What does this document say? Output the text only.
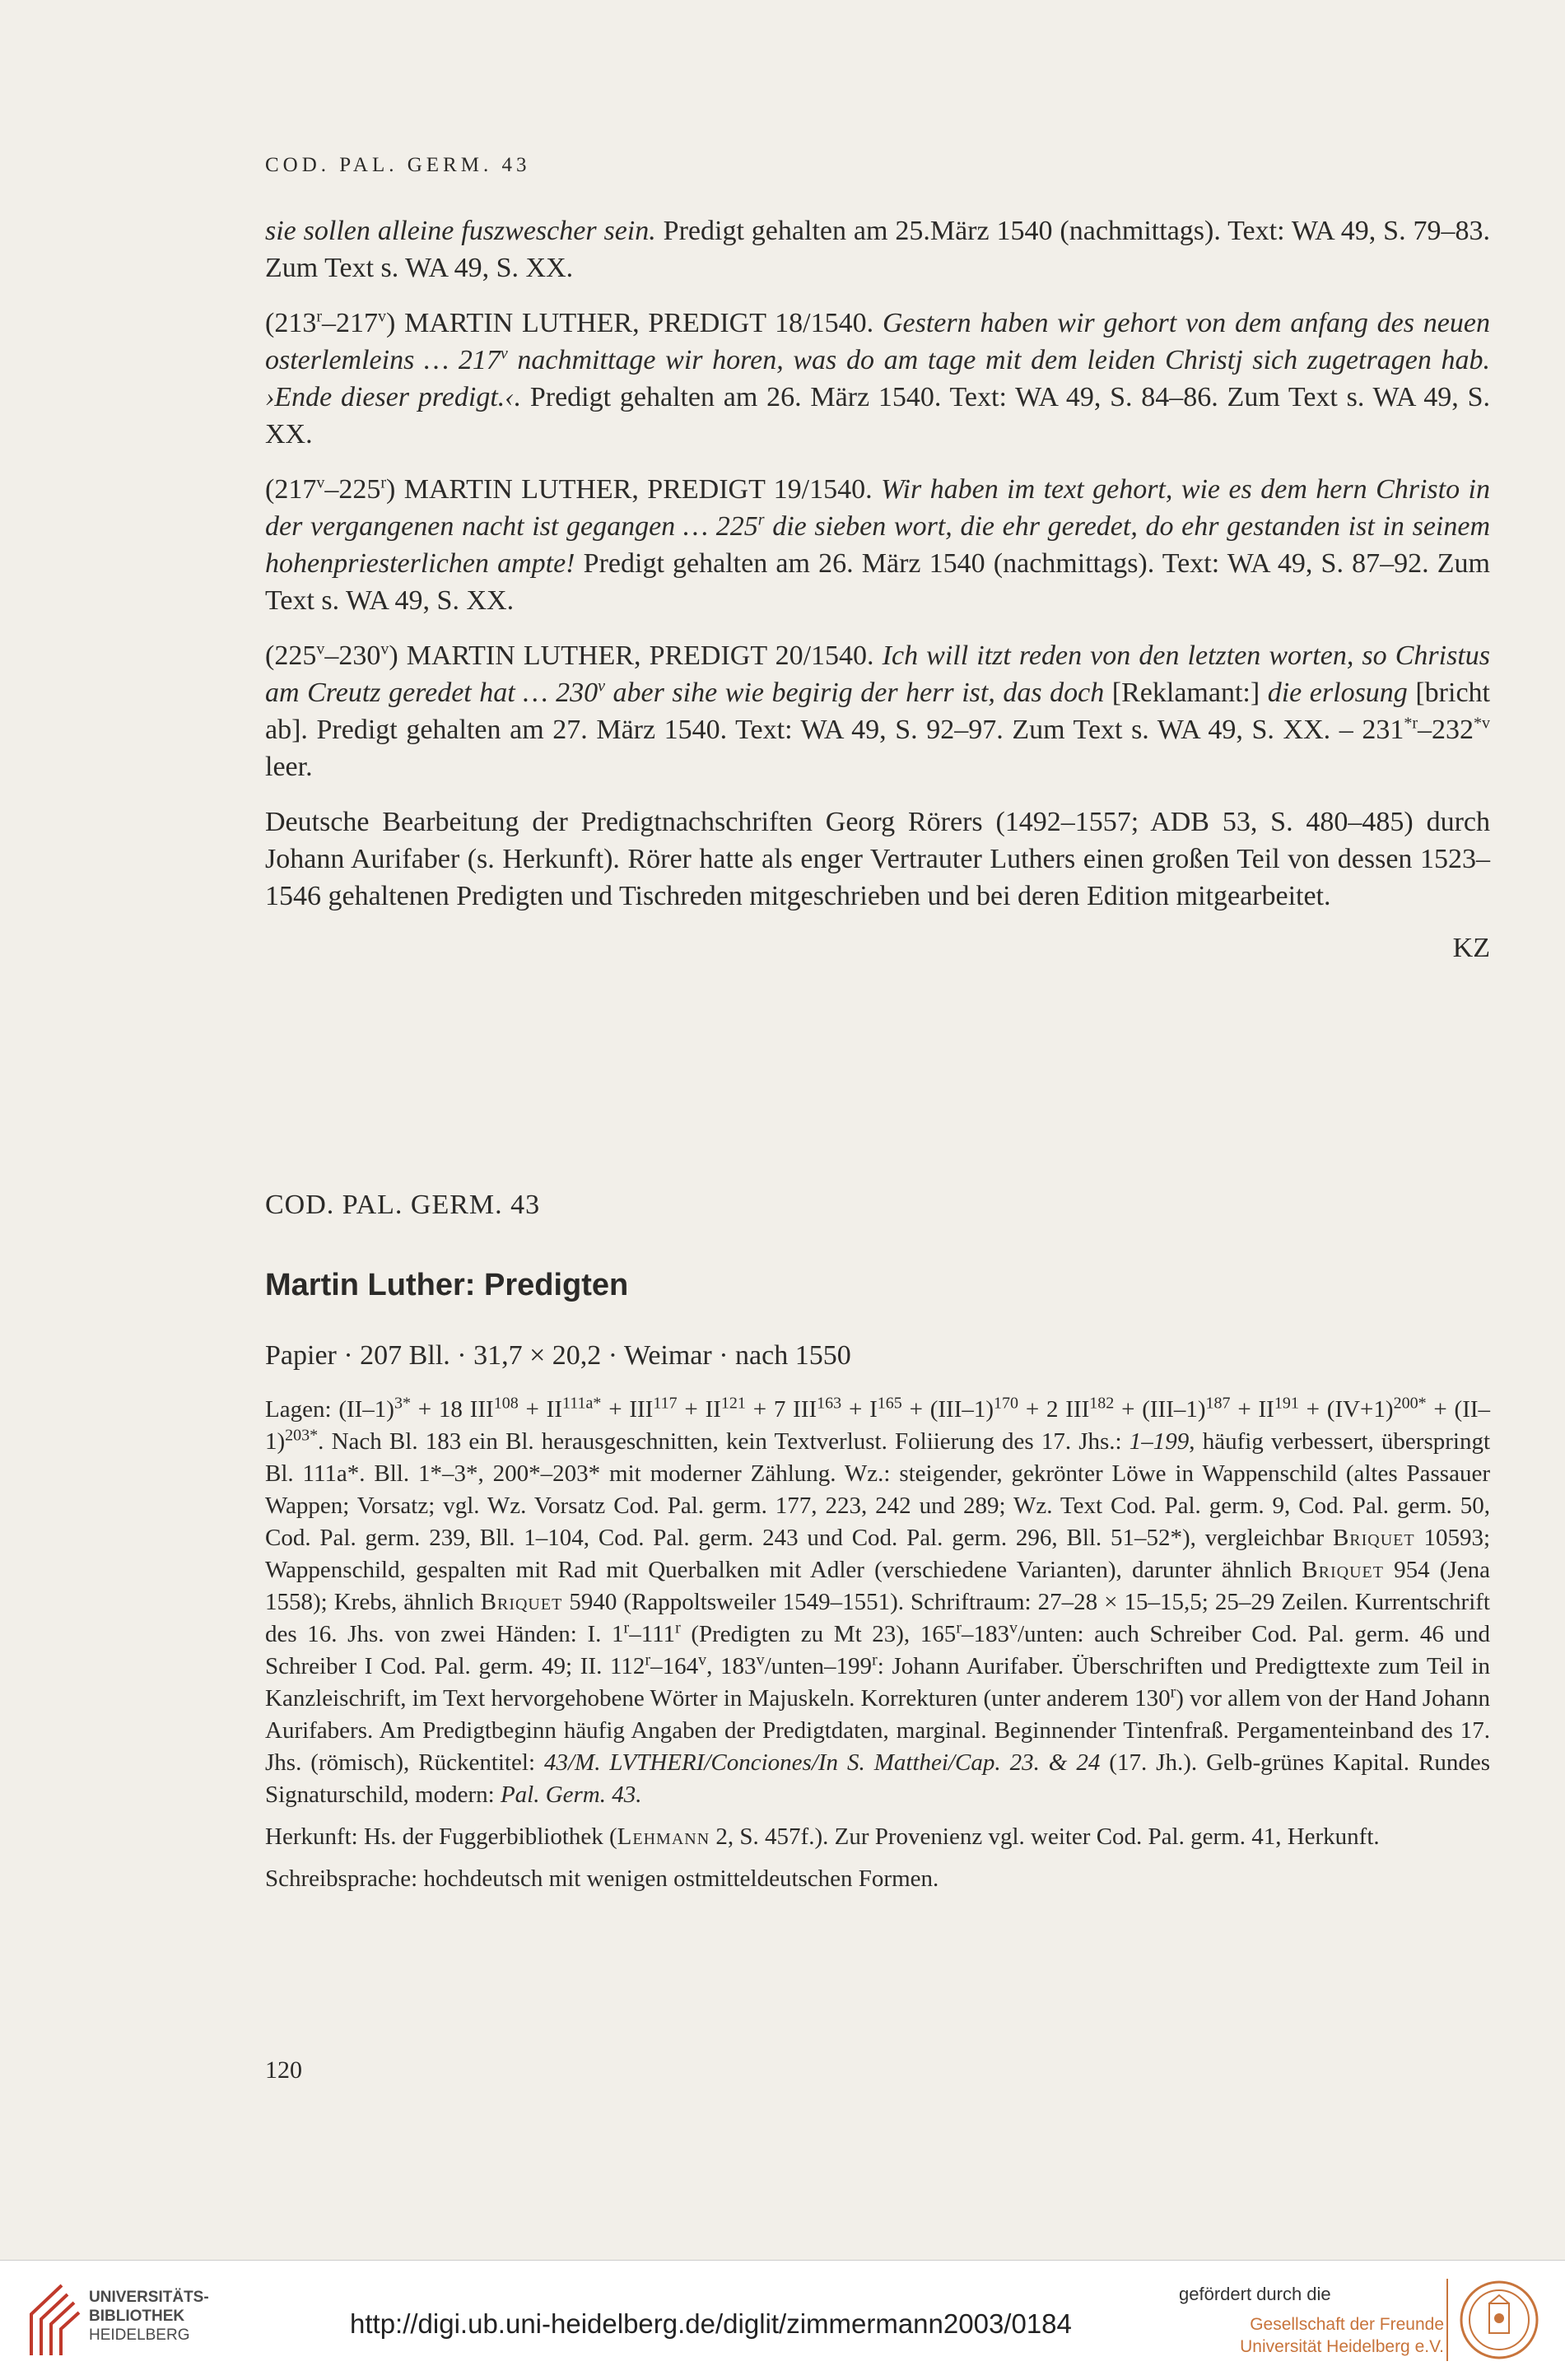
COD. PAL. GERM. 43

sie sollen alleine fuszwescher sein. Predigt gehalten am 25.März 1540 (nachmittags). Text: WA 49, S. 79–83. Zum Text s. WA 49, S. XX.

(213$^r$–217$^v$) MARTIN LUTHER, PREDIGT 18/1540. Gestern haben wir gehort von dem anfang des neuen osterlemleins … 217$^v$ nachmittage wir horen, was do am tage mit dem leiden Christj sich zugetragen hab. ›Ende dieser predigt.‹. Predigt gehalten am 26. März 1540. Text: WA 49, S. 84–86. Zum Text s. WA 49, S. XX.

(217$^v$–225$^r$) MARTIN LUTHER, PREDIGT 19/1540. Wir haben im text gehort, wie es dem hern Christo in der vergangenen nacht ist gegangen … 225$^r$ die sieben wort, die ehr geredet, do ehr gestanden ist in seinem hohenpriesterlichen ampte! Predigt gehalten am 26. März 1540 (nachmittags). Text: WA 49, S. 87–92. Zum Text s. WA 49, S. XX.

(225$^v$–230$^v$) MARTIN LUTHER, PREDIGT 20/1540. Ich will itzt reden von den letzten worten, so Christus am Creutz geredet hat … 230$^v$ aber sihe wie begirig der herr ist, das doch [Reklamant:] die erlosung [bricht ab]. Predigt gehalten am 27. März 1540. Text: WA 49, S. 92–97. Zum Text s. WA 49, S. XX. – 231$^{*r}$–232$^{*v}$ leer.

Deutsche Bearbeitung der Predigtnachschriften Georg Rörers (1492–1557; ADB 53, S. 480–485) durch Johann Aurifaber (s. Herkunft). Rörer hatte als enger Vertrauter Luthers einen großen Teil von dessen 1523–1546 gehaltenen Predigten und Tischreden mitgeschrieben und bei deren Edition mitgearbeitet.

KZ
COD. PAL. GERM. 43
Martin Luther: Predigten
Papier · 207 Bll. · 31,7 × 20,2 · Weimar · nach 1550

Lagen: $(II-1)^{3*} + 18$ $III^{108} + II^{111a*} + III^{117} + II^{121} + 7$ $III^{163} + I^{165} + (III-1)^{170} + 2$ $III^{182} + (III-1)^{187} + II^{191} + (IV+1)^{200*} + (II-1)^{203*}$. Nach Bl. 183 ein Bl. herausgeschnitten, kein Textverlust. Foliierung des 17. Jhs.: 1–199, häufig verbessert, überspringt Bl. 111a*. Bll. 1*–3*, 200*–203* mit moderner Zählung. Wz.: steigender, gekrönter Löwe in Wappenschild (altes Passauer Wappen; Vorsatz; vgl. Wz. Vorsatz Cod. Pal. germ. 177, 223, 242 und 289; Wz. Text Cod. Pal. germ. 9, Cod. Pal. germ. 50, Cod. Pal. germ. 239, Bll. 1–104, Cod. Pal. germ. 243 und Cod. Pal. germ. 296, Bll. 51–52*), vergleichbar Briquet 10593; Wappenschild, gespalten mit Rad mit Querbalken mit Adler (verschiedene Varianten), darunter ähnlich Briquet 954 (Jena 1558); Krebs, ähnlich Briquet 5940 (Rappoltsweiler 1549–1551). Schriftraum: 27–28 × 15–15,5; 25–29 Zeilen. Kurrentschrift des 16. Jhs. von zwei Händen: I. 1$^r$–111$^r$ (Predigten zu Mt 23), 165$^r$–183$^v$/unten: auch Schreiber Cod. Pal. germ. 46 und Schreiber I Cod. Pal. germ. 49; II. 112$^r$–164$^v$, 183$^v$/unten–199$^r$: Johann Aurifaber. Überschriften und Predigttexte zum Teil in Kanzleischrift, im Text hervorgehobene Wörter in Majuskeln. Korrekturen (unter anderem 130$^r$) vor allem von der Hand Johann Aurifabers. Am Predigtbeginn häufig Angaben der Predigtdaten, marginal. Beginnender Tintenfraß. Pergamenteinband des 17. Jhs. (römisch), Rückentitel: 43/M. LVTHERI/Conciones/In S. Matthei/Cap. 23. & 24 (17. Jh.). Gelb-grünes Kapital. Rundes Signaturschild, modern: Pal. Germ. 43.

Herkunft: Hs. der Fuggerbibliothek (Lehmann 2, S. 457f.). Zur Provenienz vgl. weiter Cod. Pal. germ. 41, Herkunft.

Schreibsprache: hochdeutsch mit wenigen ostmitteldeutschen Formen.

120
UNIVERSITÄTS-
BIBLIOTHEK
HEIDELBERG	http://digi.ub.uni-heidelberg.de/diglit/zimmermann2003/0184
gefördert durch die
Gesellschaft der Freunde
Universität Heidelberg e.V.
